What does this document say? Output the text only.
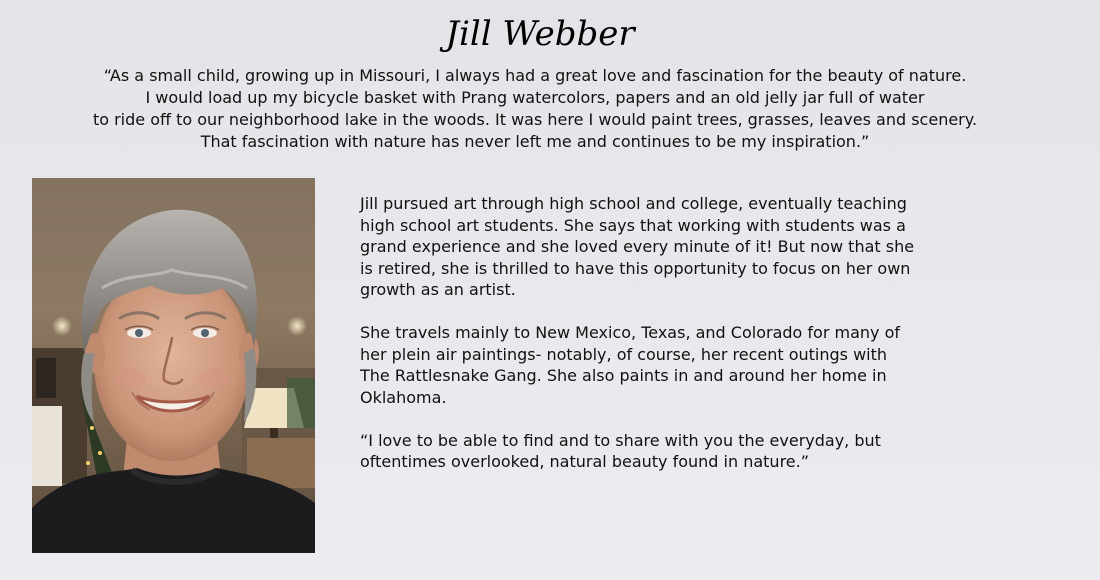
Jill Webber

“As a small child, growing up in Missouri, I always had a great love and fascination for the beauty of nature.
I would load up my bicycle basket with Prang watercolors, papers and an old jelly jar full of water
to ride off to our neighborhood lake in the woods. It was here I would paint trees, grasses, leaves and scenery.
That fascination with nature has never left me and continues to be my inspiration.”

Jill pursued art through high school and college, eventually teaching
high school art students. She says that working with students was a
grand experience and she loved every minute of it! But now that she
is retired, she is thrilled to have this opportunity to focus on her own
growth as an artist.

She travels mainly to New Mexico, Texas, and Colorado for many of
her plein air paintings- notably, of course, her recent outings with
The Rattlesnake Gang. She also paints in and around her home in
Oklahoma.

“I love to be able to find and to share with you the everyday, but
oftentimes overlooked, natural beauty found in nature.”
